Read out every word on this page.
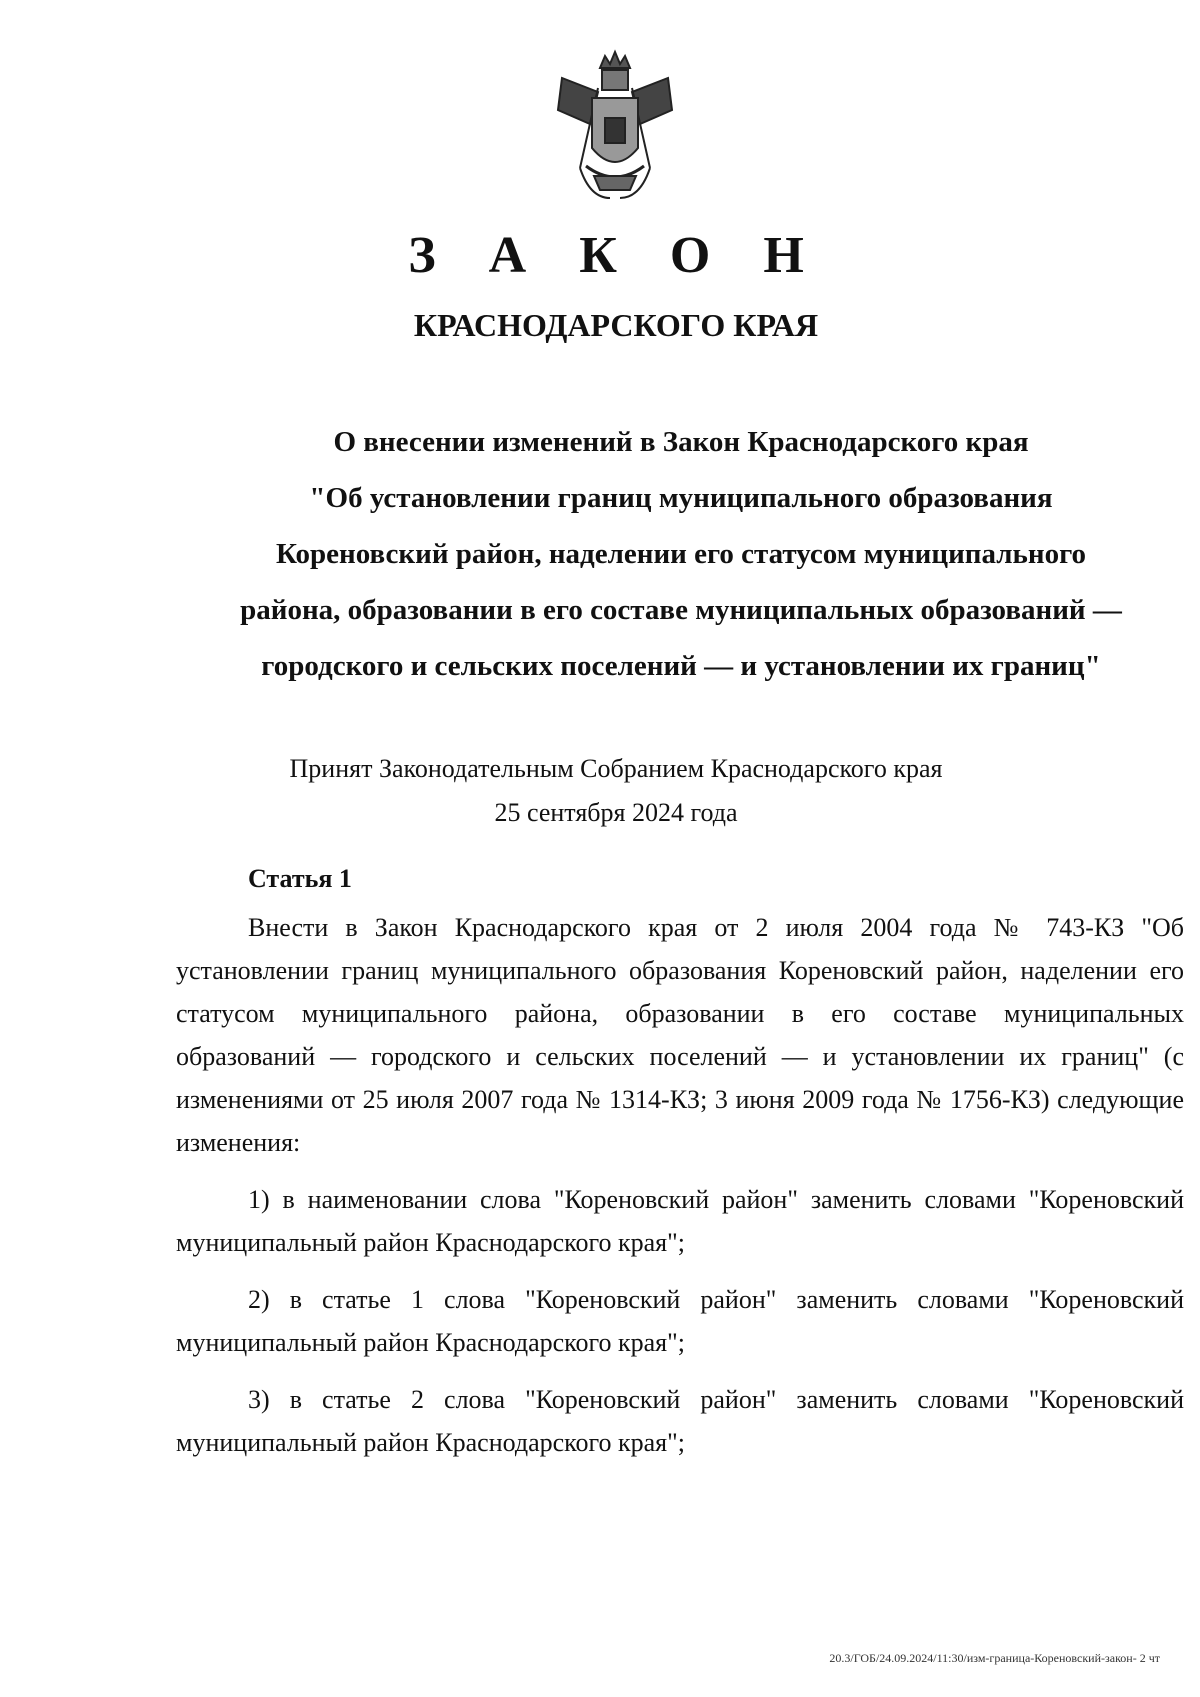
З А К О Н
КРАСНОДАРСКОГО КРАЯ
О внесении изменений в Закон Краснодарского края
"Об установлении границ муниципального образования
Кореновский район, наделении его статусом муниципального
района, образовании в его составе муниципальных образований —
городского и сельских поселений — и установлении их границ"
Принят Законодательным Собранием Краснодарского края
25 сентября 2024 года
Статья 1

Внести в Закон Краснодарского края от 2 июля 2004 года № 743-КЗ "Об установлении границ муниципального образования Кореновский район, наделении его статусом муниципального района, образовании в его составе муниципальных образований — городского и сельских поселений — и установлении их границ" (с изменениями от 25 июля 2007 года № 1314-КЗ; 3 июня 2009 года № 1756-КЗ) следующие изменения:

1) в наименовании слова "Кореновский район" заменить словами "Кореновский муниципальный район Краснодарского края";

2) в статье 1 слова "Кореновский район" заменить словами "Кореновский муниципальный район Краснодарского края";

3) в статье 2 слова "Кореновский район" заменить словами "Кореновский муниципальный район Краснодарского края";

20.3/ГОБ/24.09.2024/11:30/изм-граница-Кореновский-закон- 2 чт
